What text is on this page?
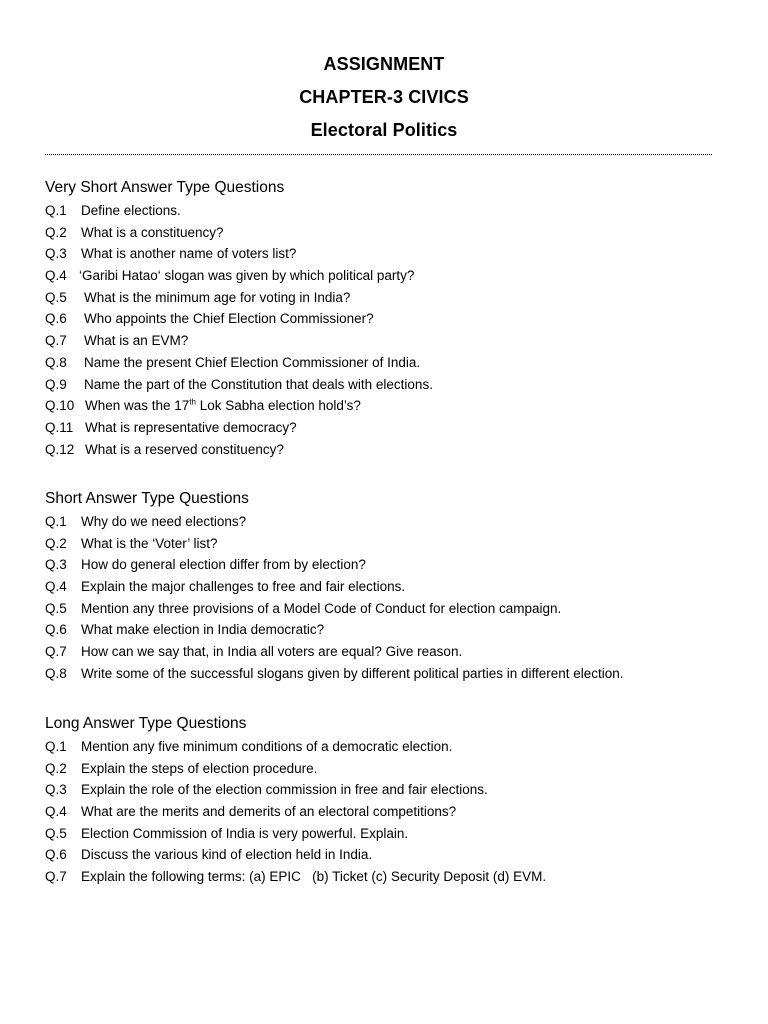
ASSIGNMENT
CHAPTER-3 CIVICS
Electoral Politics
Very Short Answer Type Questions
Q.1	Define elections.
Q.2	What is a constituency?
Q.3	What is another name of voters list?
Q.4 ‘Garibi Hatao‘ slogan was given by which political party?
Q.5	What is the minimum age for voting in India?
Q.6	Who appoints the Chief Election Commissioner?
Q.7	What is an EVM?
Q.8	Name the present Chief Election Commissioner of India.
Q.9	Name the part of the Constitution that deals with elections.
Q.10 When was the 17th Lok Sabha election hold’s?
Q.11 What is representative democracy?
Q.12 What is a reserved constituency?
Short Answer Type Questions
Q.1	Why do we need elections?
Q.2	What is the ‘Voter’ list?
Q.3	How do general election differ from by election?
Q.4	Explain the major challenges to free and fair elections.
Q.5	Mention any three provisions of a Model Code of Conduct for election campaign.
Q.6	What make election in India democratic?
Q.7	How can we say that, in India all voters are equal? Give reason.
Q.8	Write some of the successful slogans given by different political parties in different election.
Long Answer Type Questions
Q.1	Mention any five minimum conditions of a democratic election.
Q.2	Explain the steps of election procedure.
Q.3	Explain the role of the election commission in free and fair elections.
Q.4	What are the merits and demerits of an electoral competitions?
Q.5	Election Commission of India is very powerful. Explain.
Q.6	Discuss the various kind of election held in India.
Q.7	Explain the following terms: (a) EPIC   (b) Ticket (c) Security Deposit (d) EVM.
